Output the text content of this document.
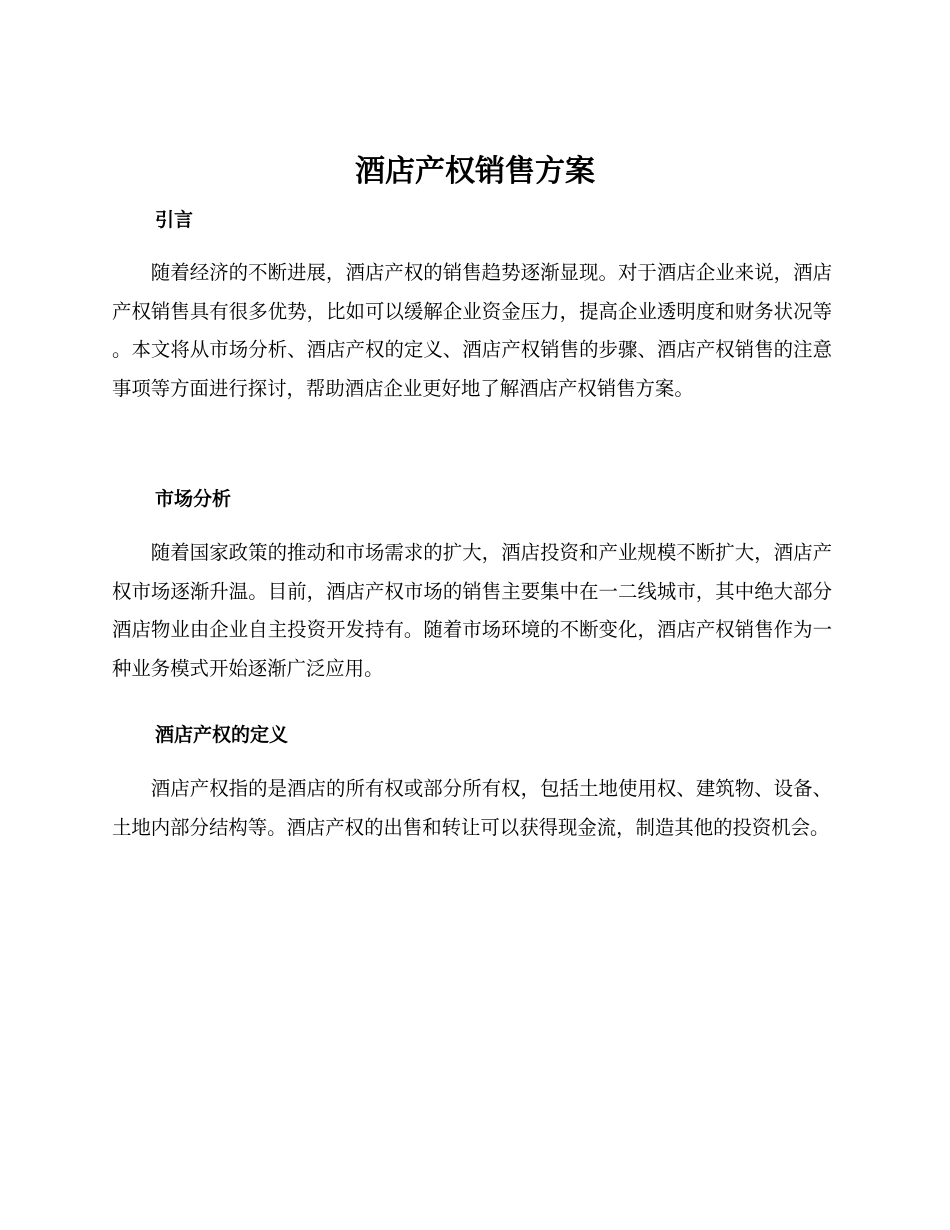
酒店产权销售方案
引言

随着经济的不断进展，酒店产权的销售趋势逐渐显现。对于酒店企业来说，酒店产权销售具有很多优势，比如可以缓解企业资金压力，提高企业透明度和财务状况等。本文将从市场分析、酒店产权的定义、酒店产权销售的步骤、酒店产权销售的注意事项等方面进行探讨，帮助酒店企业更好地了解酒店产权销售方案。

市场分析

随着国家政策的推动和市场需求的扩大，酒店投资和产业规模不断扩大，酒店产权市场逐渐升温。目前，酒店产权市场的销售主要集中在一二线城市，其中绝大部分酒店物业由企业自主投资开发持有。随着市场环境的不断变化，酒店产权销售作为一种业务模式开始逐渐广泛应用。

酒店产权的定义

酒店产权指的是酒店的所有权或部分所有权，包括土地使用权、建筑物、设备、土地内部分结构等。酒店产权的出售和转让可以获得现金流，制造其他的投资机会。
